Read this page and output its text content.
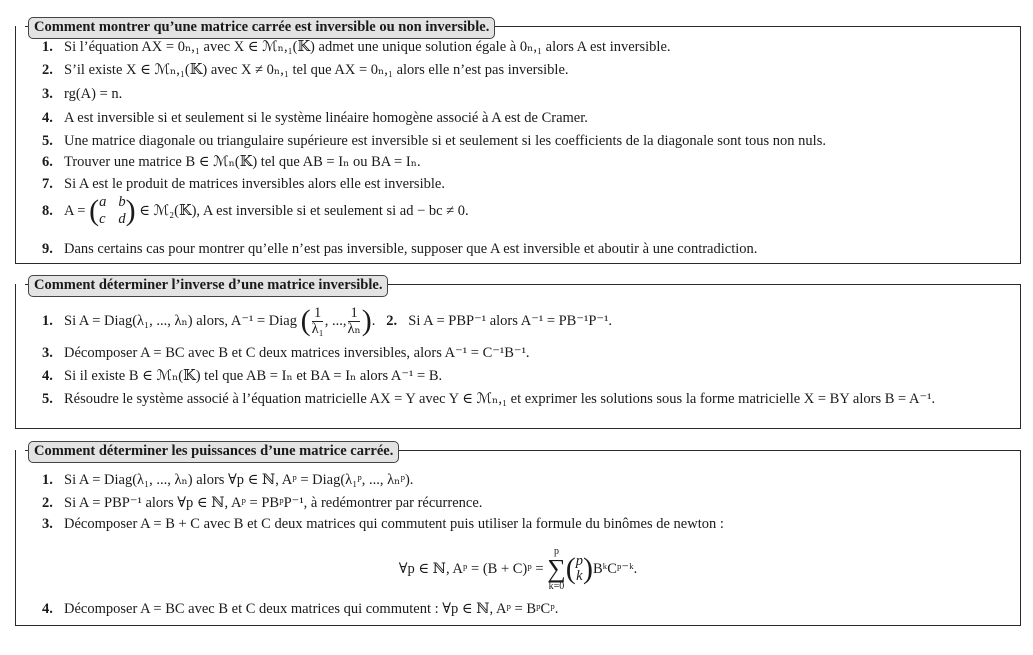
Comment montrer qu’une matrice carrée est inversible ou non inversible.
1. Si l’équation AX = 0ₙ,₁ avec X ∈ ℳₙ,₁(𝕂) admet une unique solution égale à 0ₙ,₁ alors A est inversible.
2. S’il existe X ∈ ℳₙ,₁(𝕂) avec X ≠ 0ₙ,₁ tel que AX = 0ₙ,₁ alors elle n’est pas inversible.
3. rg(A) = n.
4. A est inversible si et seulement si le système linéaire homogène associé à A est de Cramer.
5. Une matrice diagonale ou triangulaire supérieure est inversible si et seulement si les coefficients de la diagonale sont tous non nuls.
6. Trouver une matrice B ∈ ℳₙ(𝕂) tel que AB = Iₙ ou BA = Iₙ.
7. Si A est le produit de matrices inversibles alors elle est inversible.
8. A =
( a b
c d )
∈ ℳ₂(𝕂), A est inversible si et seulement si ad − bc ≠ 0.
9. Dans certains cas pour montrer qu’elle n’est pas inversible, supposer que A est inversible et aboutir à une contradiction.
Comment déterminer l’inverse d’une matrice inversible.
1. Si A = Diag(λ₁, ..., λₙ) alors, A⁻¹ = Diag
( $\frac{1}{\text{λ₁}}$ , ..., $\frac{1}{\text{λₙ}}$ ) .
2. Si A = PBP⁻¹ alors A⁻¹ = PB⁻¹P⁻¹.
3. Décomposer A = BC avec B et C deux matrices inversibles, alors A⁻¹ = C⁻¹B⁻¹.
4. Si il existe B ∈ ℳₙ(𝕂) tel que AB = Iₙ et BA = Iₙ alors A⁻¹ = B.
5. Résoudre le système associé à l’équation matricielle AX = Y avec Y ∈ ℳₙ,₁ et exprimer les solutions sous la forme matricielle X = BY alors B = A⁻¹.
Comment déterminer les puissances d’une matrice carrée.
1. Si A = Diag(λ₁, ..., λₙ) alors ∀p ∈ ℕ, Aᵖ = Diag(λ₁ᵖ, ..., λₙᵖ).
2. Si A = PBP⁻¹ alors ∀p ∈ ℕ, Aᵖ = PBᵖP⁻¹, à redémontrer par récurrence.
3. Décomposer A = B + C avec B et C deux matrices qui commutent puis utiliser la formule du binômes de newton :
∀p ∈ ℕ, Aᵖ = (B + C)ᵖ =

p
∑
k=0
( p
k ) BᵏCᵖ⁻ᵏ.
4. Décomposer A = BC avec B et C deux matrices qui commutent : ∀p ∈ ℕ, Aᵖ = BᵖCᵖ.
